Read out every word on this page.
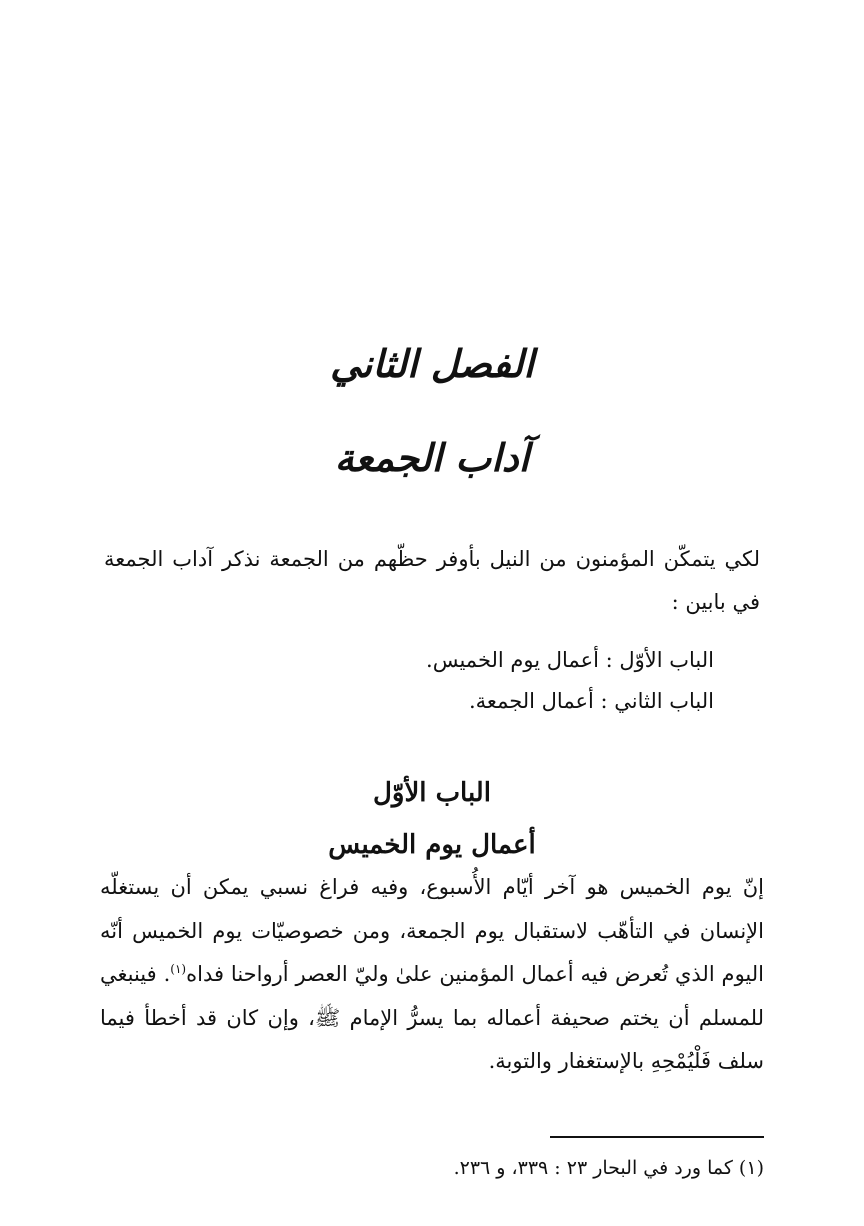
الفصل الثاني
آداب الجمعة

لكي يتمكّن المؤمنون من النيل بأوفر حظّهم من الجمعة نذكر آداب الجمعة في بابين :

الباب الأوّل : أعمال يوم الخميس.
الباب الثاني : أعمال الجمعة.
الباب الأوّل
أعمال يوم الخميس

إنّ يوم الخميس هو آخر أيّام الأُسبوع، وفيه فراغ نسبي يمكن أن يستغلّه الإنسان في التأهّب لاستقبال يوم الجمعة، ومن خصوصيّات يوم الخميس أنّه اليوم الذي تُعرض فيه أعمال المؤمنين علىٰ وليّ العصر أرواحنا فداه$^{(١)}$. فينبغي للمسلم أن يختم صحيفة أعماله بما يسرُّ الإمام ﷺ، وإن كان قد أخطأ فيما سلف فَلْيُمْحِهِ بالإستغفار والتوبة.

(١) كما ورد في البحار ٢٣ : ٣٣٩، و ٢٣٦.
